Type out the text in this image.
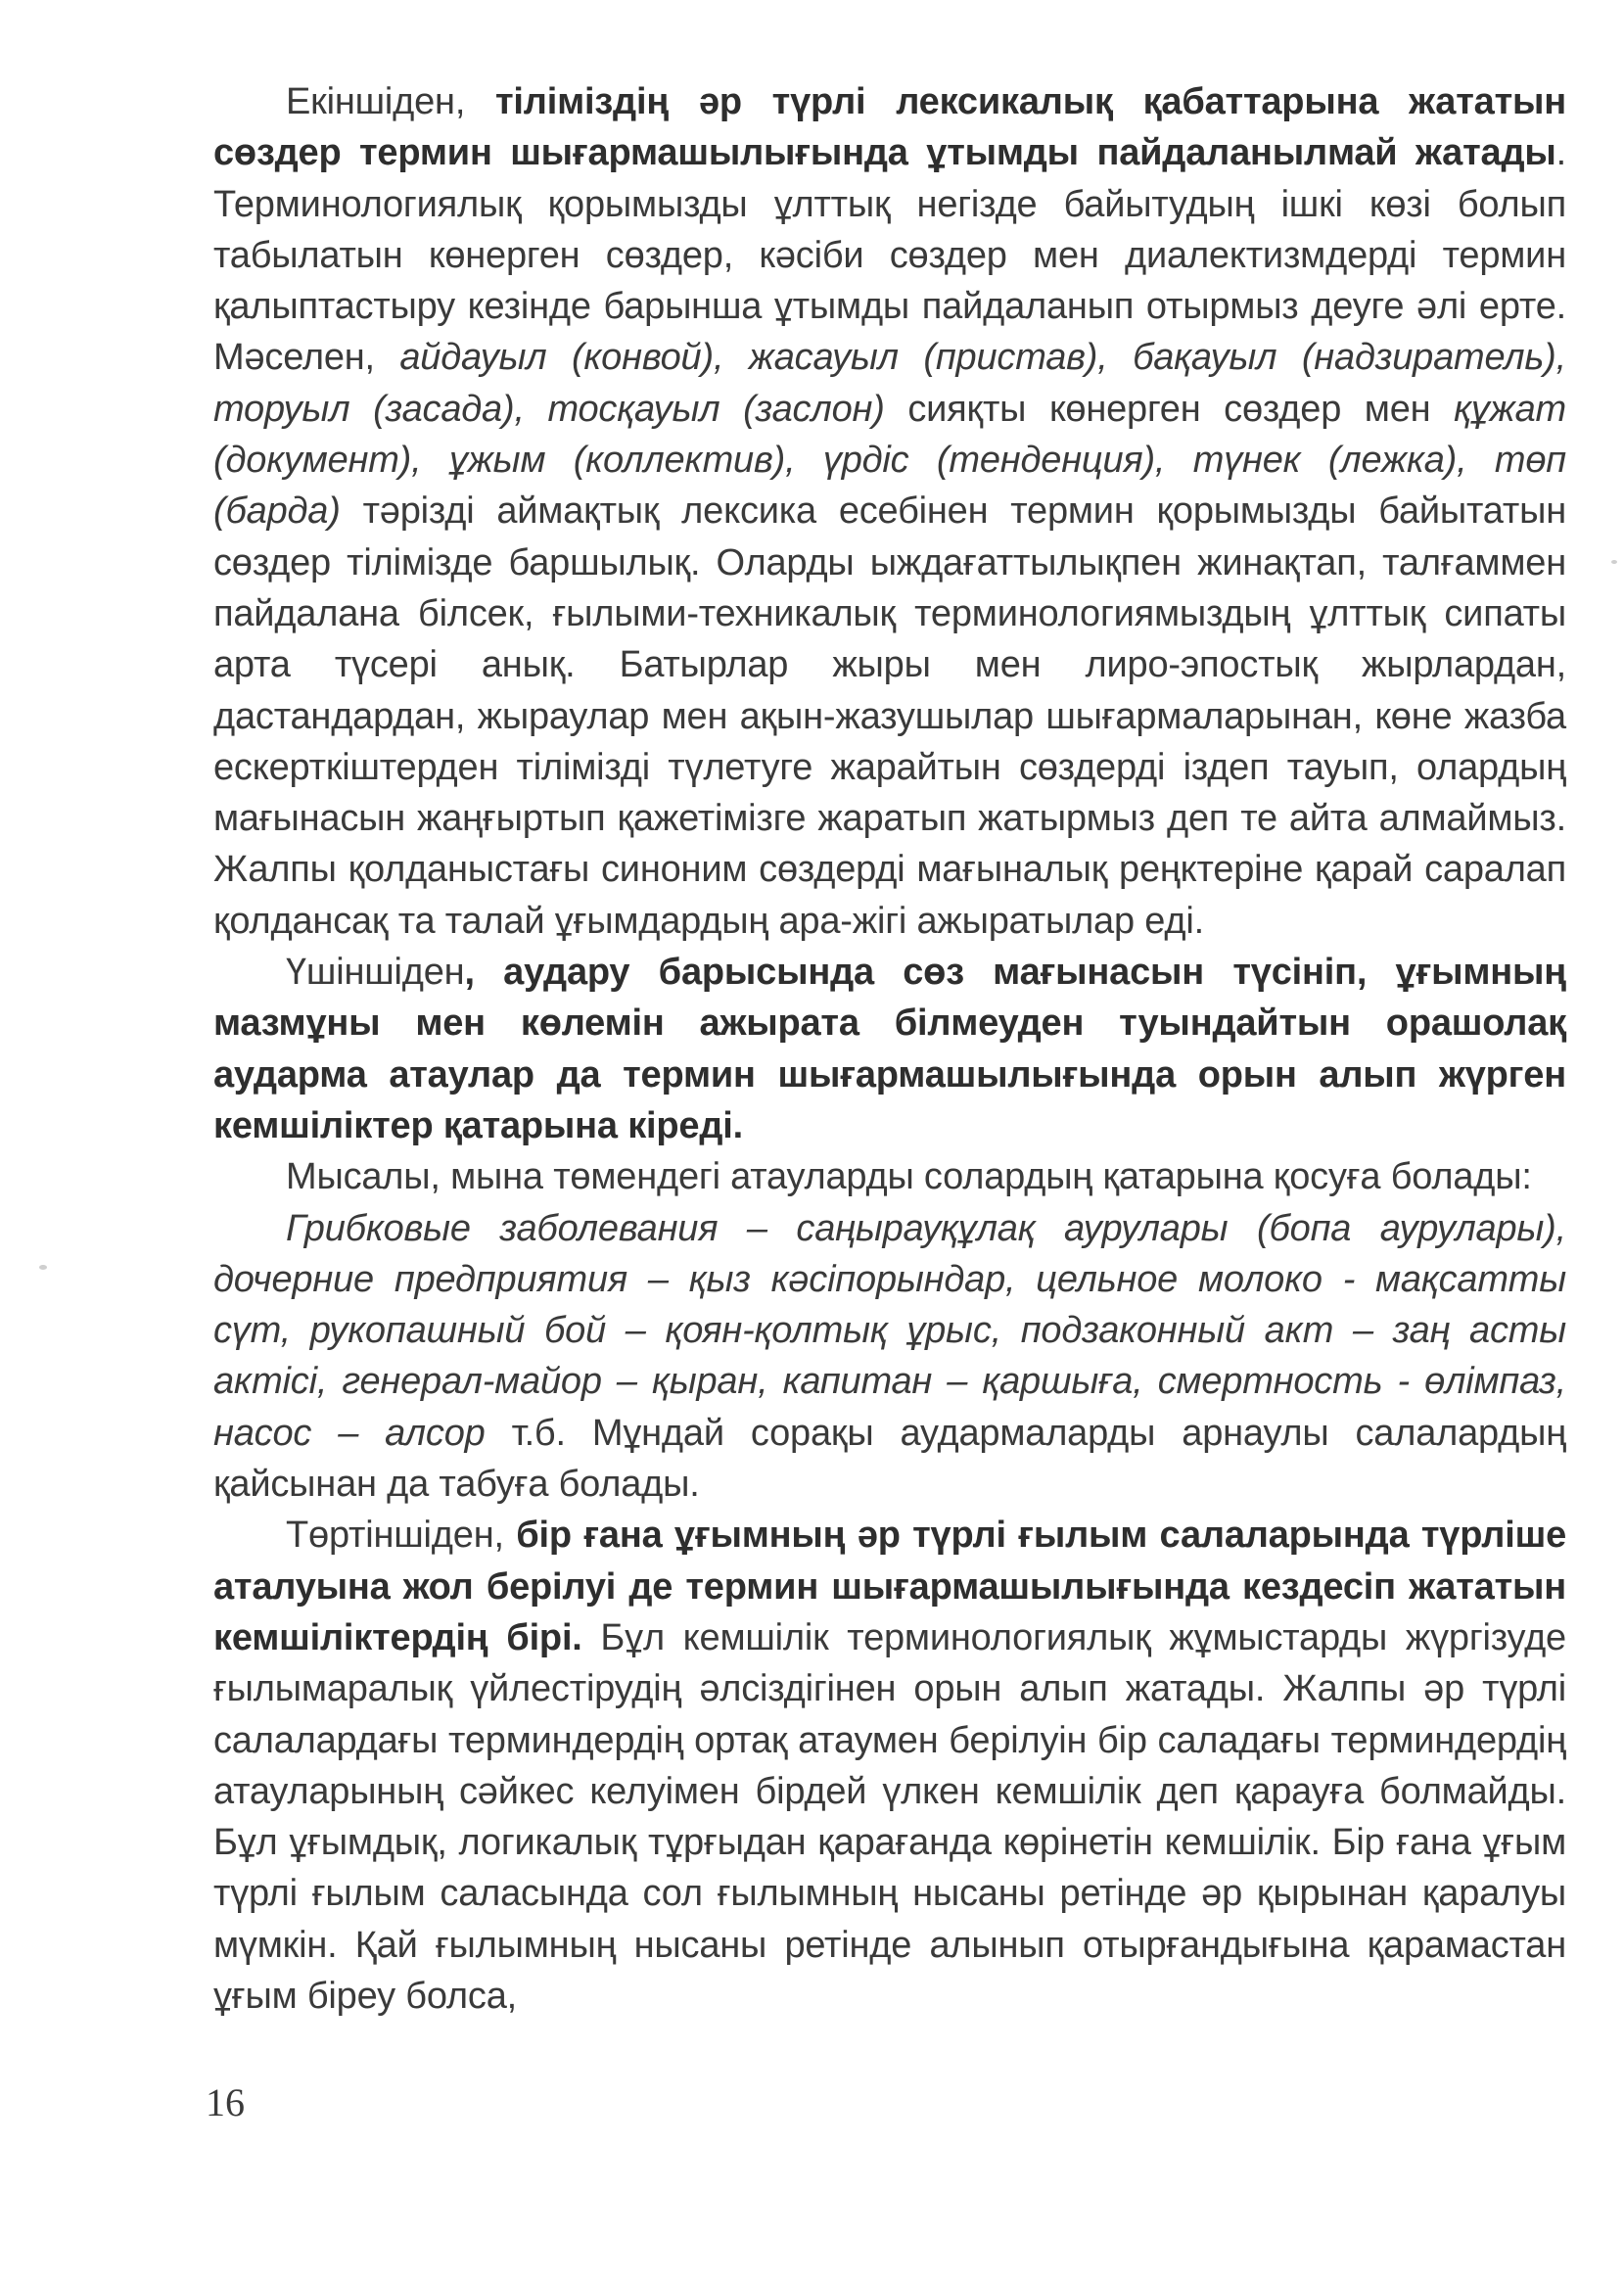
Екіншіден, тіліміздің әр түрлі лексикалық қабаттарына жататын сөздер термин шығармашылығында ұтымды пайдаланылмай жатады. Терминологиялық қорымызды ұлттық негізде байытудың ішкі көзі болып табылатын көнерген сөздер, кәсіби сөздер мен диалектизмдерді термин қалыптастыру кезінде барынша ұтымды пайдаланып отырмыз деуге әлі ерте. Мәселен, айдауыл (конвой), жасауыл (пристав), бақауыл (надзиратель), торуыл (засада), тосқауыл (заслон) сияқты көнерген сөздер мен құжат (документ), ұжым (коллектив), үрдіс (тенденция), түнек (лежка), төп (барда) тәрізді аймақтық лексика есебінен термин қорымызды байытатын сөздер тілімізде баршылық. Оларды ыждағаттылықпен жинақтап, талғаммен пайдалана білсек, ғылыми-техникалық терминологиямыздың ұлттық сипаты арта түсері анық. Батырлар жыры мен лиро-эпостық жырлардан, дастандардан, жыраулар мен ақын-жазушылар шығармаларынан, көне жазба ескерткіштерден тілімізді түлетуге жарайтын сөздерді іздеп тауып, олардың мағынасын жаңғыртып қажетімізге жаратып жатырмыз деп те айта алмаймыз. Жалпы қолданыстағы синоним сөздерді мағыналық реңктеріне қарай саралап қолдансақ та талай ұғымдардың ара-жігі ажыратылар еді.

Үшіншіден, аудару барысында сөз мағынасын түсініп, ұғымның мазмұны мен көлемін ажырата білмеуден туындайтын орашолақ аударма атаулар да термин шығармашылығында орын алып жүрген кемшіліктер қатарына кіреді.

Мысалы, мына төмендегі атауларды солардың қатарына қосуға болады:

Грибковые заболевания – саңырауқұлақ аурулары (бопа аурулары), дочерние предприятия – қыз кәсіпорындар, цельное молоко - мақсатты сүт, рукопашный бой – қоян-қолтық ұрыс, подзаконный акт – заң асты актісі, генерал-майор – қыран, капитан – қаршыға, смертность - өлімпаз, насос – алсор т.б. Мұндай сорақы аудармаларды арнаулы салалардың қайсынан да табуға болады.

Төртіншіден, бір ғана ұғымның әр түрлі ғылым салаларында түрліше аталуына жол берілуі де термин шығармашылығында кездесіп жататын кемшіліктердің бірі. Бұл кемшілік терминологиялық жұмыстарды жүргізуде ғылымаралық үйлестірудің әлсіздігінен орын алып жатады. Жалпы әр түрлі салалардағы терминдердің ортақ атаумен берілуін бір саладағы терминдердің атауларының сәйкес келуімен бірдей үлкен кемшілік деп қарауға болмайды. Бұл ұғымдық, логикалық тұрғыдан қарағанда көрінетін кемшілік. Бір ғана ұғым түрлі ғылым саласында сол ғылымның нысаны ретінде әр қырынан қаралуы мүмкін. Қай ғылымның нысаны ретінде алынып отырғандығына қарамастан ұғым біреу болса,

16
